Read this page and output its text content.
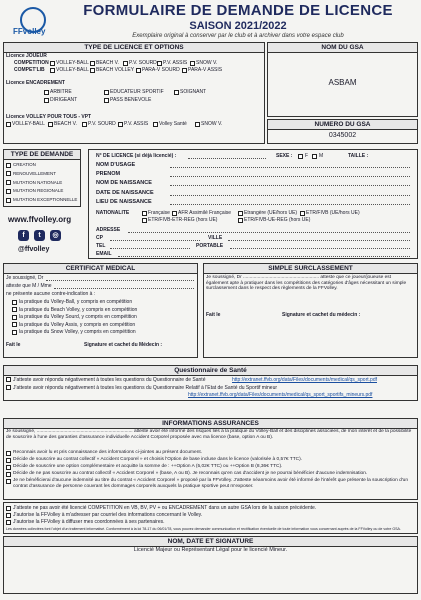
FFvolley
FORMULAIRE DE DEMANDE DE LICENCE
SAISON 2021/2022
Exemplaire original à conserver par le club et à archiver dans votre espace club
TYPE DE LICENCE ET OPTIONS
Licence JOUEUR
COMPETITION
COMPET'LIB
VOLLEY-BALL BEACH V. P.V. SOURD P.V. ASSIS SNOW V.
VOLLEY-BALL BEACH VOLLEY PARA-V SOURD PARA-V ASSIS
Licence ENCADREMENT
ARBITRE	EDUCATEUR SPORTIF	SOIGNANT
DIRIGEANT	PASS BENEVOLE
Licence VOLLEY POUR TOUS - VPT
VOLLEY-BALL BEACH V. P.V. SOURD P.V. ASSIS Volley Santé	SNOW V.
NOM DU GSA
ASBAM
NUMERO DU GSA
0345002
TYPE DE DEMANDE
CREATION
RENOUVELLEMENT
MUTATION NATIONALE
MUTATION REGIONALE
MUTATION EXCEPTIONNELLE
www.ffvolley.org
f	t	◎
@ffvolley
N° DE LICENCE (si déjà licencié) :	SEXE :	F M	TAILLE :
NOM D'USAGE
PRENOM
NOM DE NAISSANCE
DATE DE NAISSANCE
LIEU DE NAISSANCE
NATIONALITE	Française AFR Assimilé Française	Etrangère (UE/hors UE) ETR/FIVB (UE/hors UE)
ETR/FIVB-ETR-REG (hors UE)	ETR/FIVB-UE-REG (hors UE)
ADRESSE
CP	VILLE
TEL	PORTABLE
EMAIL
CERTIFICAT MEDICAL
Je soussigné, Dr
atteste que M / Mme
ne présente aucune contre-indication à :
la pratique du Volley-Ball, y compris en compétition
la pratique du Beach Volley, y compris en compétition
la pratique du Volley Sourd, y compris en compétition
la pratique du Volley Assis, y compris en compétition
la pratique du Snow Volley, y compris en compétition
Fait le	Signature et cachet du Médecin :
SIMPLE SURCLASSEMENT
Je soussigné, Dr ......................................................... atteste que ce joueur/joueuse est également apte à pratiquer dans les compétitions des catégories d'âges nécessitant un simple surclassement dans le respect des règlements de la FFVolley.
Fait le	Signature et cachet du médecin :
Questionnaire de Santé
J'atteste avoir répondu négativement à toutes les questions du Questionnaire de Santé	http://extranet.ffvb.org/data/Files/documents/medical/qs_sport.pdf
J'atteste avoir répondu négativement à toutes les questions du Questionnaire Relatif à l'Etat de Santé du Sportif mineur
http://extranet.ffvb.org/data/Files/documents/medical/qs_sport_sportifs_mineurs.pdf
INFORMATIONS ASSURANCES
Je soussigné, ........................................................................ atteste avoir été informé des risques liés à la pratique du Volley-Ball et des disciplines associées, de mon intérêt et de la possibilité de souscrire à l'une des garanties d'assurance individuelle Accident Corporel proposée avec ma licence (base, option A ou B).
Reconnais avoir lu et pris connaissance des informations ci-jointes au présent document.
Décide de souscrire au contrat collectif « Accident Corporel » et choisis l'Option de base incluse dans le licence (valorisée à 0,57€ TTC).
Décide de souscrire une option complémentaire et acquitte la somme de : ++Option A (5,02€ TTC) ou ++Option B (8,36€ TTC).
Décide de ne pas souscrire au contrat collectif « Accident Corporel » (base, A ou B). Je reconnais qu'en cas d'accident je ne pourrai bénéficier d'aucune indemnisation.
Je ne bénéficierai d'aucune indemnité au titre du contrat « Accident Corporel » proposé par la FFVolley. J'atteste néanmoins avoir été informé de l'intérêt que présente la souscription d'un contrat d'assurance de personne couvrant les dommages corporels auxquels la pratique sportive peut m'exposer.
J'atteste ne pas avoir été licencié COMPETITION en VB, BV, PV + ou ENCADREMENT dans un autre GSA lors de la saison précédente.
J'autorise la FFVolley à m'adresser par courriel des informations concernant le Volley.
J'autorise la FFVolley à diffuser mes coordonnées à ses partenaires.
Les données collectées font l'objet d'un traitement informatisé. Conformément à la loi 78-17 du 06/01/78, vous pouvez demander communication et rectification éventuelle de toute information vous concernant auprès de la FFVolley ou de votre GSA.
NOM, DATE ET SIGNATURE
Licencié Majeur ou Représentant Légal pour le licencié Mineur.
